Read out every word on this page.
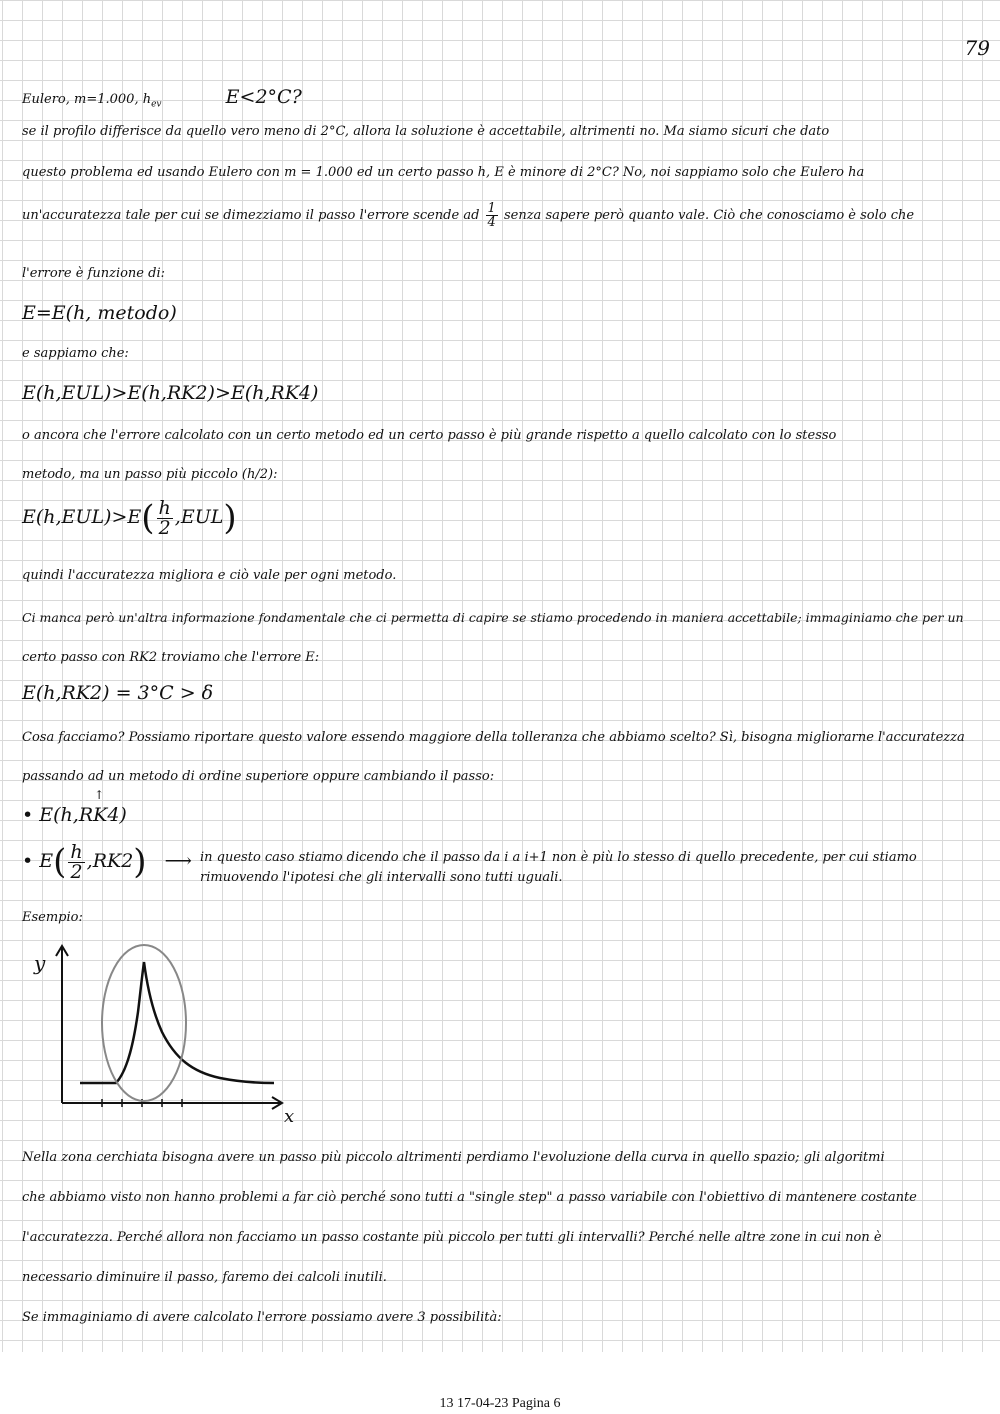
79
Eulero, m=1.000, $h_{ev}$	E<2°C?
se il profilo differisce da quello vero meno di 2°C, allora la soluzione è accettabile, altrimenti no. Ma siamo sicuri che dato
questo problema ed usando Eulero con m = 1.000 ed un certo passo h, E è minore di 2°C? No, noi sappiamo solo che Eulero ha
un'accuratezza tale per cui se dimezziamo il passo l'errore scende ad $\frac{1}{4}$ senza sapere però quanto vale. Ciò che conosciamo è solo che
l'errore è funzione di:
E=E(h, metodo)
e sappiamo che:
E(h,EUL)>E(h,RK2)>E(h,RK4)
o ancora che l'errore calcolato con un certo metodo ed un certo passo è più grande rispetto a quello calcolato con lo stesso
metodo, ma un passo più piccolo (h/2):
$E(h,EUL)>E( \frac{h}{2} ,EUL)$
quindi l'accuratezza migliora e ciò vale per ogni metodo.
Ci manca però un'altra informazione fondamentale che ci permetta di capire se stiamo procedendo in maniera accettabile; immaginiamo che per un
certo passo con RK2 troviamo che l'errore E:
E(h,RK2) = 3°C > δ
Cosa facciamo? Possiamo riportare questo valore essendo maggiore della tolleranza che abbiamo scelto? Sì, bisogna migliorarne l'accuratezza
passando ad un metodo di ordine superiore oppure cambiando il passo:
• E(h,↑ RK4)
• $E( \frac{h}{2} ,RK2)$ ⟶ in questo caso stiamo dicendo che il passo da i a i+1 non è più lo stesso di quello precedente, per cui stiamo
rimuovendo l'ipotesi che gli intervalli sono tutti uguali.
Esempio:
y
x
Nella zona cerchiata bisogna avere un passo più piccolo altrimenti perdiamo l'evoluzione della curva in quello spazio; gli algoritmi
che abbiamo visto non hanno problemi a far ciò perché sono tutti a "single step" a passo variabile con l'obiettivo di mantenere costante
l'accuratezza. Perché allora non facciamo un passo costante più piccolo per tutti gli intervalli? Perché nelle altre zone in cui non è
necessario diminuire il passo, faremo dei calcoli inutili.
Se immaginiamo di avere calcolato l'errore possiamo avere 3 possibilità:
13 17-04-23 Pagina 6
